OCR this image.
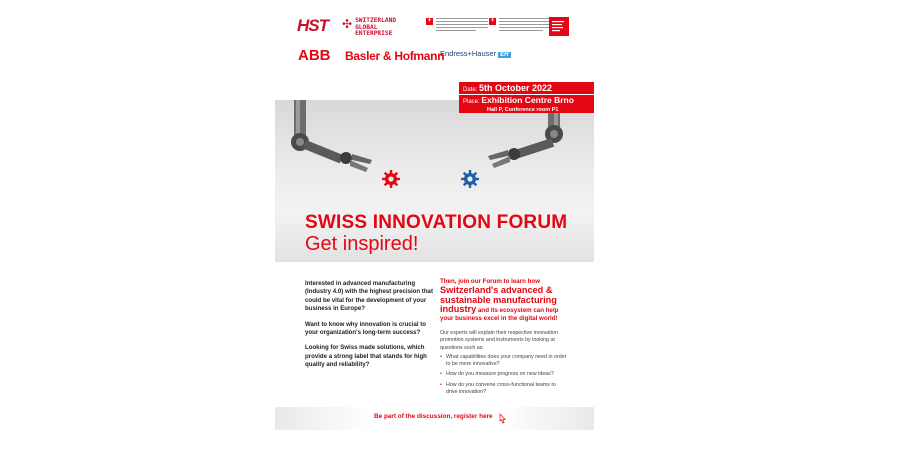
HST
✣ SWITZERLAND
GLOBAL
ENTERPRISE
+	+
ABB Basler & Hofmann
Endress+Hauser EH

SWISS INNOVATION FORUM
Get inspired!
Date: 5th October 2022
Place: Exhibition Centre Brno
Hall P, Conference room P1

Interested in advanced manufacturing (Industry 4.0) with the highest precision that could be vital for the development of your business in Europe?

Want to know why innovation is crucial to your organization's long-term success?

Looking for Swiss made solutions, which provide a strong label that stands for high quality and reliability?

Then, join our Forum to learn how
Switzerland's advanced & sustainable manufacturing industry and its ecosystem can help your business excel in the digital world!

Our experts will explain their respective innovation promotion systems and instruments by looking at questions such as:

• What capabilities does your company need in order to be more innovative?
• How do you measure progress on new ideas?
• How do you convene cross-functional teams to drive innovation?
Be part of the discussion, register here
